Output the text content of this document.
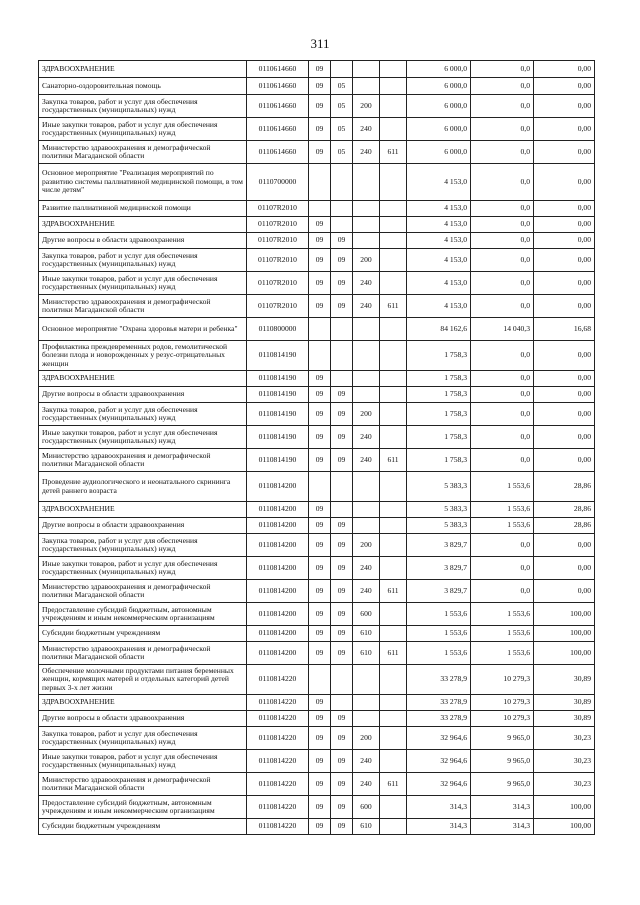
311
ЗДРАВООХРАНЕНИЕ	0110614660	09				6 000,0	0,0	0,00
Санаторно-оздоровительная помощь	0110614660	09	05			6 000,0	0,0	0,00
Закупка товаров, работ и услуг для обеспечения государственных (муниципальных) нужд	0110614660	09	05	200		6 000,0	0,0	0,00
Иные закупки товаров, работ и услуг для обеспечения государственных (муниципальных) нужд	0110614660	09	05	240		6 000,0	0,0	0,00
Министерство здравоохранения и демографической политики Магаданской области	0110614660	09	05	240	611	6 000,0	0,0	0,00
Основное мероприятие "Реализация мероприятий по развитию системы паллиативной медицинской помощи, в том числе детям"	0110700000					4 153,0	0,0	0,00
Развитие паллиативной медицинской помощи	01107R2010					4 153,0	0,0	0,00
ЗДРАВООХРАНЕНИЕ	01107R2010	09				4 153,0	0,0	0,00
Другие вопросы в области здравоохранения	01107R2010	09	09			4 153,0	0,0	0,00
Закупка товаров, работ и услуг для обеспечения государственных (муниципальных) нужд	01107R2010	09	09	200		4 153,0	0,0	0,00
Иные закупки товаров, работ и услуг для обеспечения государственных (муниципальных) нужд	01107R2010	09	09	240		4 153,0	0,0	0,00
Министерство здравоохранения и демографической политики Магаданской области	01107R2010	09	09	240	611	4 153,0	0,0	0,00
Основное мероприятие "Охрана здоровья матери и ребенка"	0110800000					84 162,6	14 040,3	16,68
Профилактика преждевременных родов, гемолитической болезни плода и новорожденных у резус-отрицательных женщин	0110814190					1 758,3	0,0	0,00
ЗДРАВООХРАНЕНИЕ	0110814190	09				1 758,3	0,0	0,00
Другие вопросы в области здравоохранения	0110814190	09	09			1 758,3	0,0	0,00
Закупка товаров, работ и услуг для обеспечения государственных (муниципальных) нужд	0110814190	09	09	200		1 758,3	0,0	0,00
Иные закупки товаров, работ и услуг для обеспечения государственных (муниципальных) нужд	0110814190	09	09	240		1 758,3	0,0	0,00
Министерство здравоохранения и демографической политики Магаданской области	0110814190	09	09	240	611	1 758,3	0,0	0,00
Проведение аудиологического и неонатального скрининга детей раннего возраста	0110814200					5 383,3	1 553,6	28,86
ЗДРАВООХРАНЕНИЕ	0110814200	09				5 383,3	1 553,6	28,86
Другие вопросы в области здравоохранения	0110814200	09	09			5 383,3	1 553,6	28,86
Закупка товаров, работ и услуг для обеспечения государственных (муниципальных) нужд	0110814200	09	09	200		3 829,7	0,0	0,00
Иные закупки товаров, работ и услуг для обеспечения государственных (муниципальных) нужд	0110814200	09	09	240		3 829,7	0,0	0,00
Министерство здравоохранения и демографической политики Магаданской области	0110814200	09	09	240	611	3 829,7	0,0	0,00
Предоставление субсидий бюджетным, автономным учреждениям и иным некоммерческим организациям	0110814200	09	09	600		1 553,6	1 553,6	100,00
Субсидии бюджетным учреждениям	0110814200	09	09	610		1 553,6	1 553,6	100,00
Министерство здравоохранения и демографической политики Магаданской области	0110814200	09	09	610	611	1 553,6	1 553,6	100,00
Обеспечение молочными продуктами питания беременных женщин, кормящих матерей и отдельных категорий детей первых 3-х лет жизни	0110814220					33 278,9	10 279,3	30,89
ЗДРАВООХРАНЕНИЕ	0110814220	09				33 278,9	10 279,3	30,89
Другие вопросы в области здравоохранения	0110814220	09	09			33 278,9	10 279,3	30,89
Закупка товаров, работ и услуг для обеспечения государственных (муниципальных) нужд	0110814220	09	09	200		32 964,6	9 965,0	30,23
Иные закупки товаров, работ и услуг для обеспечения государственных (муниципальных) нужд	0110814220	09	09	240		32 964,6	9 965,0	30,23
Министерство здравоохранения и демографической политики Магаданской области	0110814220	09	09	240	611	32 964,6	9 965,0	30,23
Предоставление субсидий бюджетным, автономным учреждениям и иным некоммерческим организациям	0110814220	09	09	600		314,3	314,3	100,00
Субсидии бюджетным учреждениям	0110814220	09	09	610		314,3	314,3	100,00
